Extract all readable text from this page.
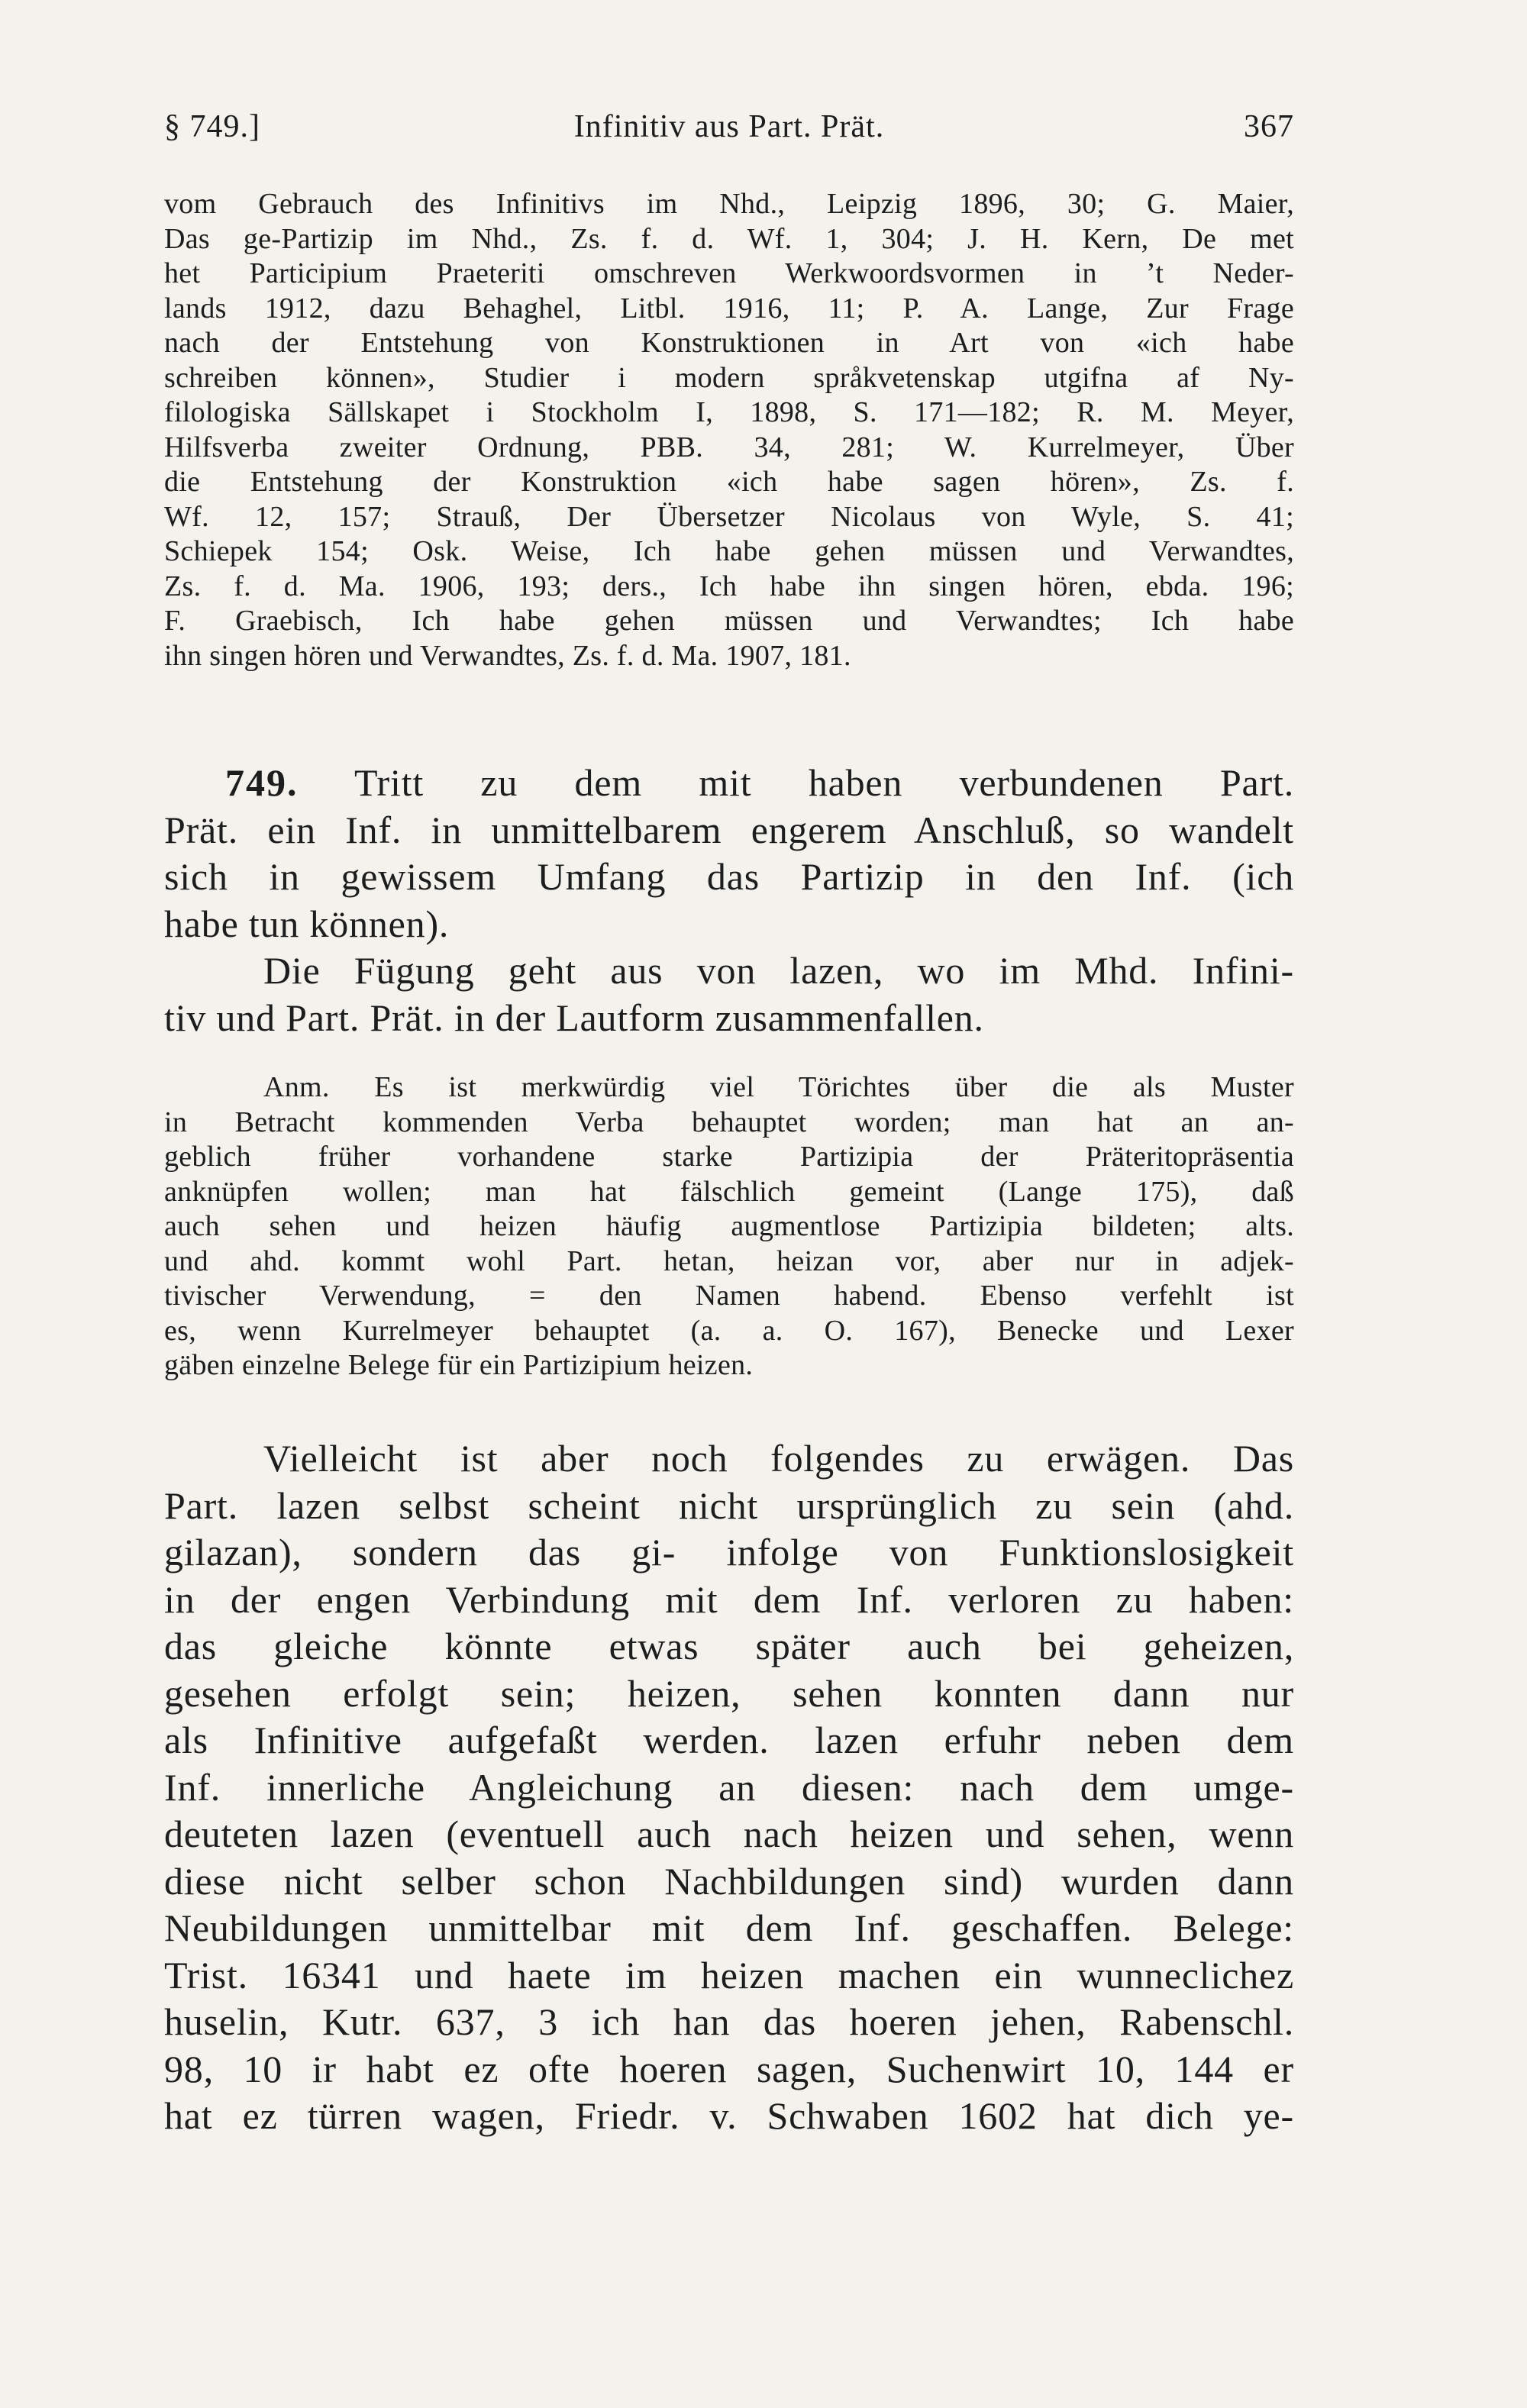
§ 749.]	Infinitiv aus Part. Prät.	367
vom Gebrauch des Infinitivs im Nhd., Leipzig 1896, 30; G. Maier,
Das ge-Partizip im Nhd., Zs. f. d. Wf. 1, 304; J. H. Kern, De met
het Participium Praeteriti omschreven Werkwoordsvormen in ’t Neder-
lands 1912, dazu Behaghel, Litbl. 1916, 11; P. A. Lange, Zur Frage
nach der Entstehung von Konstruktionen in Art von «ich habe
schreiben können», Studier i modern språkvetenskap utgifna af Ny-
filologiska Sällskapet i Stockholm I, 1898, S. 171—182; R. M. Meyer,
Hilfsverba zweiter Ordnung, PBB. 34, 281; W. Kurrelmeyer, Über
die Entstehung der Konstruktion «ich habe sagen hören», Zs. f.
Wf. 12, 157; Strauß, Der Übersetzer Nicolaus von Wyle, S. 41;
Schiepek 154; Osk. Weise, Ich habe gehen müssen und Verwandtes,
Zs. f. d. Ma. 1906, 193; ders., Ich habe ihn singen hören, ebda. 196;
F. Graebisch, Ich habe gehen müssen und Verwandtes; Ich habe
ihn singen hören und Verwandtes, Zs. f. d. Ma. 1907, 181.
749. Tritt zu dem mit haben verbundenen Part.
Prät. ein Inf. in unmittelbarem engerem Anschluß, so wandelt
sich in gewissem Umfang das Partizip in den Inf. (ich
habe tun können).
Die Fügung geht aus von lazen, wo im Mhd. Infini-
tiv und Part. Prät. in der Lautform zusammenfallen.
Anm. Es ist merkwürdig viel Törichtes über die als Muster
in Betracht kommenden Verba behauptet worden; man hat an an-
geblich früher vorhandene starke Partizipia der Präteritopräsentia
anknüpfen wollen; man hat fälschlich gemeint (Lange 175), daß
auch sehen und heizen häufig augmentlose Partizipia bildeten; alts.
und ahd. kommt wohl Part. hetan, heizan vor, aber nur in adjek-
tivischer Verwendung, = den Namen habend. Ebenso verfehlt ist
es, wenn Kurrelmeyer behauptet (a. a. O. 167), Benecke und Lexer
gäben einzelne Belege für ein Partizipium heizen.
Vielleicht ist aber noch folgendes zu erwägen. Das
Part. lazen selbst scheint nicht ursprünglich zu sein (ahd.
gilazan), sondern das gi- infolge von Funktionslosigkeit
in der engen Verbindung mit dem Inf. verloren zu haben:
das gleiche könnte etwas später auch bei geheizen,
gesehen erfolgt sein; heizen, sehen konnten dann nur
als Infinitive aufgefaßt werden. lazen erfuhr neben dem
Inf. innerliche Angleichung an diesen: nach dem umge-
deuteten lazen (eventuell auch nach heizen und sehen, wenn
diese nicht selber schon Nachbildungen sind) wurden dann
Neubildungen unmittelbar mit dem Inf. geschaffen. Belege:
Trist. 16341 und haete im heizen machen ein wunneclichez
huselin, Kutr. 637, 3 ich han das hoeren jehen, Rabenschl.
98, 10 ir habt ez ofte hoeren sagen, Suchenwirt 10, 144 er
hat ez türren wagen, Friedr. v. Schwaben 1602 hat dich ye-
